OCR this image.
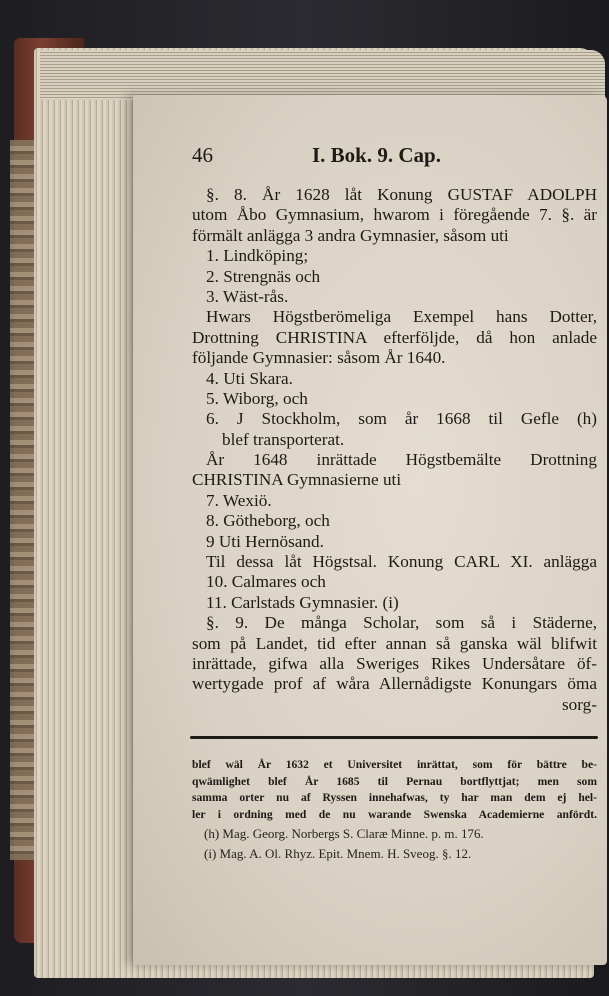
46	I. Bok. 9. Cap.
§. 8. År 1628 låt Konung GUSTAF ADOLPH
utom Åbo Gymnasium, hwarom i föregående 7. §. är
förmält anlägga 3 andra Gymnasier, såsom uti
1. Lindköping;
2. Strengnäs och
3. Wäst-rås.
Hwars Högstberömeliga Exempel hans Dotter,
Drottning CHRISTINA efterföljde, då hon anlade
följande Gymnasier: såsom År 1640.
4. Uti Skara.
5. Wiborg, och
6. J Stockholm, som år 1668 til Gefle (h)
blef transporterat.
År 1648 inrättade Högstbemälte Drottning
CHRISTINA Gymnasierne uti
7. Wexiö.
8. Götheborg, och
9 Uti Hernösand.
Til dessa låt Högstsal. Konung CARL XI. anlägga
10. Calmares och
11. Carlstads Gymnasier. (i)
§. 9. De många Scholar, som så i Städerne,
som på Landet, tid efter annan så ganska wäl blifwit
inrättade, gifwa alla Sweriges Rikes Undersåtare öf-
wertygade prof af wåra Allernådigste Konungars öma
sorg-
blef wäl År 1632 et Universitet inrättat, som för bättre be-
qwämlighet blef År 1685 til Pernau bortflyttjat; men som
samma orter nu af Ryssen innehafwas, ty har man dem ej hel-
ler i ordning med de nu warande Swenska Academierne anfördt.
(h) Mag. Georg. Norbergs S. Claræ Minne. p. m. 176.
(i) Mag. A. Ol. Rhyz. Epit. Mnem. H. Sveog. §. 12.
